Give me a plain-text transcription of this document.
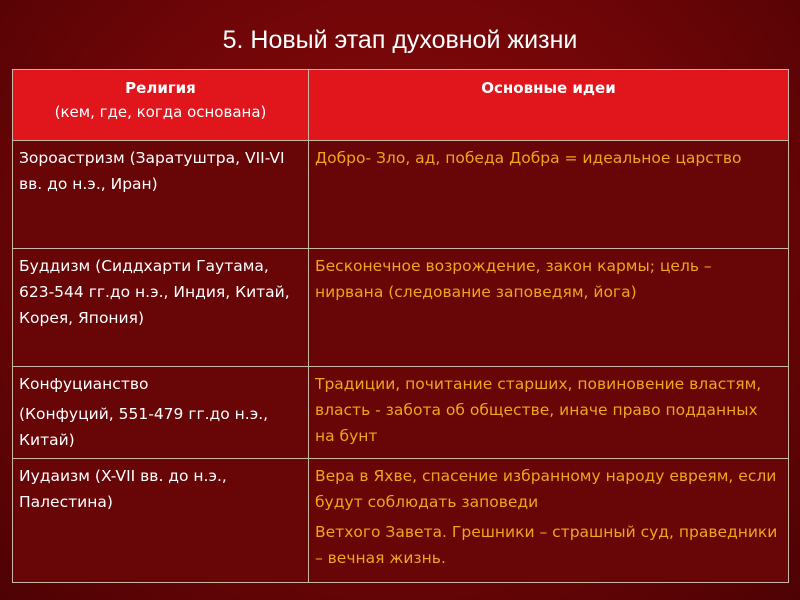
5. Новый этап духовной жизни
Религия
(кем, где, когда основана)	Основные идеи

Зороастризм (Заратуштра, VII-VI вв. до н.э., Иран)	Добро- Зло, ад, победа Добра = идеальное царство

Буддизм (Сиддхарти Гаутама, 623-544 гг.до н.э., Индия, Китай, Корея, Япония)	Бесконечное возрождение, закон кармы; цель – нирвана (следование заповедям, йога)

Конфуцианство
(Конфуций, 551-479 гг.до н.э., Китай)	Традиции, почитание старших, повиновение властям, власть - забота об обществе, иначе право подданных на бунт

Иудаизм (X-VII вв. до н.э., Палестина)	Вера в Яхве, спасение избранному народу евреям, если будут соблюдать заповеди
Ветхого Завета. Грешники – страшный суд, праведники – вечная жизнь.
